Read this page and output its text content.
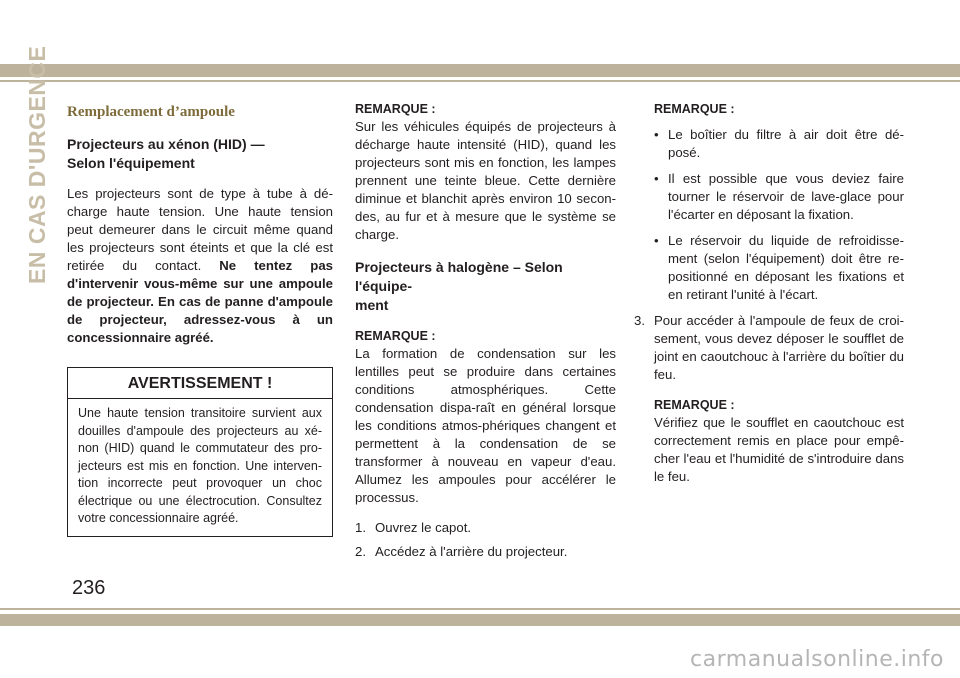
EN CAS D'URGENCE Remplacement d’ampoule
Projecteurs au xénon (HID) —
Selon l'équipement

Les projecteurs sont de type à tube à dé-charge haute tension. Une haute tension peut demeurer dans le circuit même quand les projecteurs sont éteints et que la clé est retirée du contact. Ne tentez pas d'intervenir vous-même sur une ampoule de projecteur. En cas de panne d'ampoule de projecteur, adressez-vous à un concessionnaire agréé.

AVERTISSEMENT !

Une haute tension transitoire survient aux douilles d'ampoule des projecteurs au xé-non (HID) quand le commutateur des pro-jecteurs est mis en fonction. Une interven-tion incorrecte peut provoquer un choc électrique ou une électrocution. Consultez votre concessionnaire agréé.

REMARQUE :

Sur les véhicules équipés de projecteurs à décharge haute intensité (HID), quand les projecteurs sont mis en fonction, les lampes prennent une teinte bleue. Cette dernière diminue et blanchit après environ 10 secon-des, au fur et à mesure que le système se charge.

Projecteurs à halogène – Selon l'équipe-
ment
REMARQUE :

La formation de condensation sur les lentilles peut se produire dans certaines conditions atmosphériques. Cette condensation dispa-raît en général lorsque les conditions atmos-phériques changent et permettent à la condensation de se transformer à nouveau en vapeur d'eau. Allumez les ampoules pour accélérer le processus.

1. Ouvrez le capot.
2. Accédez à l'arrière du projecteur.
REMARQUE :
• Le boîtier du filtre à air doit être dé-posé.
• Il est possible que vous deviez faire tourner le réservoir de lave-glace pour l'écarter en déposant la fixation.
• Le réservoir du liquide de refroidisse-ment (selon l'équipement) doit être re-positionné en déposant les fixations et en retirant l'unité à l'écart.
3. Pour accéder à l'ampoule de feux de croi-sement, vous devez déposer le soufflet de joint en caoutchouc à l'arrière du boîtier du feu.
REMARQUE :

Vérifiez que le soufflet en caoutchouc est correctement remis en place pour empê-cher l'eau et l'humidité de s'introduire dans le feu.

236
carmanualsonline.info
